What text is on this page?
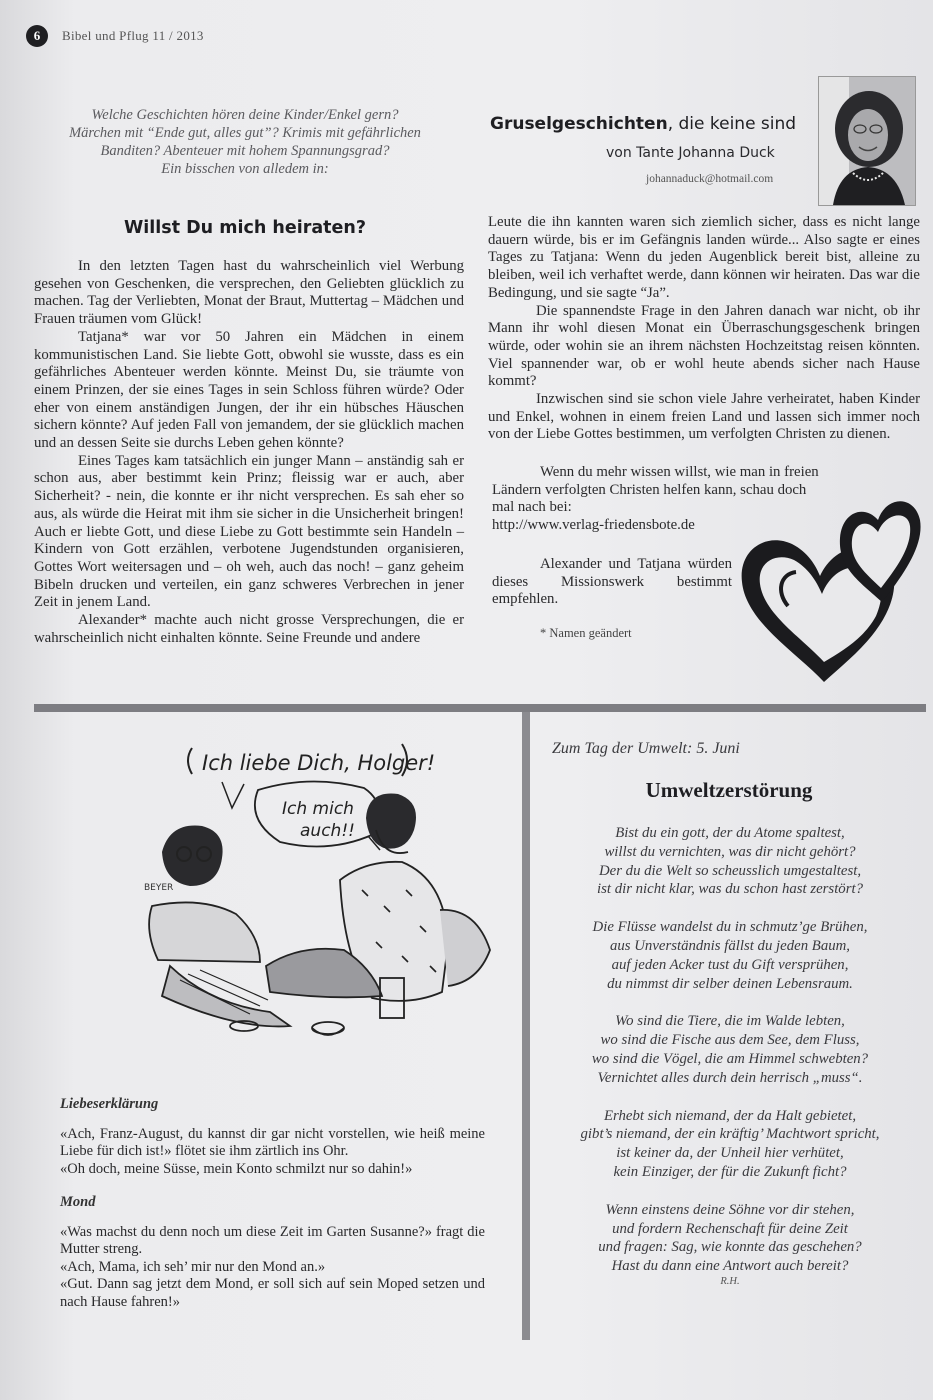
6	Bibel und Pflug 11 / 2013
Welche Geschichten hören deine Kinder/Enkel gern?
Märchen mit “Ende gut, alles gut”? Krimis mit gefährlichen
Banditen? Abenteuer mit hohem Spannungsgrad?
Ein bisschen von alledem in:
Willst Du mich heiraten?

In den letzten Tagen hast du wahrscheinlich viel Werbung gesehen von Geschenken, die versprechen, den Geliebten glücklich zu machen. Tag der Verliebten, Monat der Braut, Muttertag – Mädchen und Frauen träumen vom Glück!

Tatjana* war vor 50 Jahren ein Mädchen in einem kommunistischen Land. Sie liebte Gott, obwohl sie wusste, dass es ein gefährliches Abenteuer werden könnte. Meinst Du, sie träumte von einem Prinzen, der sie eines Tages in sein Schloss führen würde? Oder eher von einem anständigen Jungen, der ihr ein hübsches Häuschen sichern könnte? Auf jeden Fall von jemandem, der sie glücklich machen und an dessen Seite sie durchs Leben gehen könnte?

Eines Tages kam tatsächlich ein junger Mann – anständig sah er schon aus, aber bestimmt kein Prinz; fleissig war er auch, aber Sicherheit? - nein, die konnte er ihr nicht versprechen. Es sah eher so aus, als würde die Heirat mit ihm sie sicher in die Unsicherheit bringen! Auch er liebte Gott, und diese Liebe zu Gott bestimmte sein Handeln – Kindern von Gott erzählen, verbotene Jugendstunden organisieren, Gottes Wort weitersagen und – oh weh, auch das noch! – ganz geheim Bibeln drucken und verteilen, ein ganz schweres Verbrechen in jener Zeit in jenem Land.

Alexander* machte auch nicht grosse Versprechungen, die er wahrscheinlich nicht einhalten könnte. Seine Freunde und andere

Gruselgeschichten, die keine sind
von Tante Johanna Duck
johannaduck@hotmail.com

Leute die ihn kannten waren sich ziemlich sicher, dass es nicht lange dauern würde, bis er im Gefängnis landen würde... Also sagte er eines Tages zu Tatjana: Wenn du jeden Augenblick bereit bist, alleine zu bleiben, weil ich verhaftet werde, dann können wir heiraten. Das war die Bedingung, und sie sagte “Ja”.

Die spannendste Frage in den Jahren danach war nicht, ob ihr Mann ihr wohl diesen Monat ein Überraschungsgeschenk bringen würde, oder wohin sie an ihrem nächsten Hochzeitstag reisen könnten. Viel spannender war, ob er wohl heute abends sicher nach Hause kommt?

Inzwischen sind sie schon viele Jahre verheiratet, haben Kinder und Enkel, wohnen in einem freien Land und lassen sich immer noch von der Liebe Gottes bestimmen, um verfolgten Christen zu dienen.

Wenn du mehr wissen willst, wie man in freien Ländern verfolgten Christen helfen kann, schau doch mal nach bei:

http://www.verlag-friedensbote.de

Alexander und Tatjana würden dieses Missionswerk bestimmt empfehlen.

* Namen geändert
Ich liebe Dich, Holger!
Ich mich
auch!!
BEYER
Liebeserklärung

«Ach, Franz-August, du kannst dir gar nicht vorstellen, wie heiß meine Liebe für dich ist!» flötet sie ihm zärtlich ins Ohr.

«Oh doch, meine Süsse, mein Konto schmilzt nur so dahin!»

Mond

«Was machst du denn noch um diese Zeit im Garten Susanne?» fragt die Mutter streng.

«Ach, Mama, ich seh’ mir nur den Mond an.»

«Gut. Dann sag jetzt dem Mond, er soll sich auf sein Moped setzen und nach Hause fahren!»

Zum Tag der Umwelt: 5. Juni
Umweltzerstörung
Bist du ein gott, der du Atome spaltest,
willst du vernichten, was dir nicht gehört?
Der du die Welt so scheusslich umgestaltest,
ist dir nicht klar, was du schon hast zerstört?
Die Flüsse wandelst du in schmutz’ge Brühen,
aus Unverständnis fällst du jeden Baum,
auf jeden Acker tust du Gift versprühen,
du nimmst dir selber deinen Lebensraum.
Wo sind die Tiere, die im Walde lebten,
wo sind die Fische aus dem See, dem Fluss,
wo sind die Vögel, die am Himmel schwebten?
Vernichtet alles durch dein herrisch „muss“.
Erhebt sich niemand, der da Halt gebietet,
gibt’s niemand, der ein kräftig’ Machtwort spricht,
ist keiner da, der Unheil hier verhütet,
kein Einziger, der für die Zukunft ficht?
Wenn einstens deine Söhne vor dir stehen,
und fordern Rechenschaft für deine Zeit
und fragen: Sag, wie konnte das geschehen?
Hast du dann eine Antwort auch bereit?
R.H.
